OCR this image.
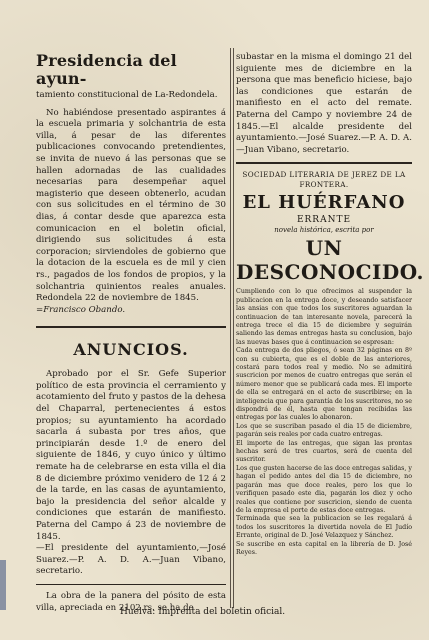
Presidencia del ayun-

tamiento constitucional de La-Redondela.

No habiéndose presentado aspirantes á la escuela primaria y solchantria de esta villa, á pesar de las diferentes publicaciones convocando pretendientes, se invita de nuevo á las personas que se hallen adornadas de las cualidades necesarias para desempeñar aquel magisterio que deseen obtenerlo, acudan con sus solicitudes en el término de 30 dias, á contar desde que aparezca esta comunicacion en el boletin oficial, dirigiendo sus solicitudes á esta corporacion; sirviendoles de gobierno que la dotacion de la escuela es de mil y cien rs., pagados de los fondos de propios, y la solchantria quinientos reales anuales. Redondela 22 de noviembre de 1845.

=Francisco Obando.

ANUNCIOS.

Aprobado por el Sr. Gefe Superior político de esta provincia el cerramiento y acotamiento del fruto y pastos de la dehesa del Chaparral, pertenecientes á estos propios; su ayuntamiento ha acordado sacarla á subasta por tres años, que principiarán desde 1.º de enero del siguiente de 1846, y cuyo único y último remate ha de celebrarse en esta villa el dia 8 de diciembre próximo venidero de 12 á 2 de la tarde, en las casas de ayuntamiento, bajo la presidencia del señor alcalde y condiciones que estarán de manifiesto. Paterna del Campo á 23 de noviembre de 1845.

—El presidente del ayuntamiento,—José Suarez.—P. A. D. A.—Juan Vibano, secretario.

La obra de la panera del pósito de esta villa, apreciada en 2102 rs. se ha de

subastar en la misma el domingo 21 del siguiente mes de diciembre en la persona que mas beneficio hiciese, bajo las condiciones que estarán de manifiesto en el acto del remate. Paterna del Campo y noviembre 24 de 1845.—El alcalde presidente del ayuntamiento.—José Suarez.—P. A. D. A.—Juan Vibano, secretario.

SOCIEDAD LITERARIA DE JEREZ DE LA FRONTERA.
EL HUÉRFANO
ERRANTE
novela histórica, escrita por
UN DESCONOCIDO.

Cumpliendo con lo que ofrecimos al suspender la publicacion en la entrega doce, y deseando satisfacer las ansias con que todos los suscritores aguardan la continuacion de tan interesante novela, parecerá la entrega trece el dia 15 de diciembre y seguirán saliendo las demas entregas hasta su conclusion, bajo las nuevas bases que á continuacion se espresan:

Cada entrega de dos pliegos, ó sean 32 páginas en 8º con su cubierta, que es el doble de las anteriores, costará para todos real y medio. No se admitirá suscricion por menos de cuatro entregas que serán el número menor que se publicará cada mes. El importe de ella se entregará en el acto de suscribirse; en la inteligencia que para garantía de los suscritores, no se dispondrá de él, hasta que tengan recibidas las entregas por las cuales lo abonaron.

Los que se suscriban pasado el dia 15 de diciembre, pagarán seis reales por cada cuatro entregas.

El importe de las entregas, que sigan las prontas hechas será de tres cuartos, será de cuenta del suscritor.

Los que gusten hacerse de las doce entregas salidas, y hagan el pedido antes del dia 15 de diciembre, no pagarán mas que doce reales, pero los que lo verifiquen pasado este dia, pagarán los diez y ocho reales que contiene por suscricion, siendo de cuenta de la empresa el porte de estas doce entregas.

Terminada que sea la publicacion se les regalará á todos los suscritores la divertida novela de El Judío Errante, original de D. José Velazquez y Sánchez.

Se suscribe en esta capital en la librería de D. José Reyes.

Huelva: Imprenta del boletin oficial.
